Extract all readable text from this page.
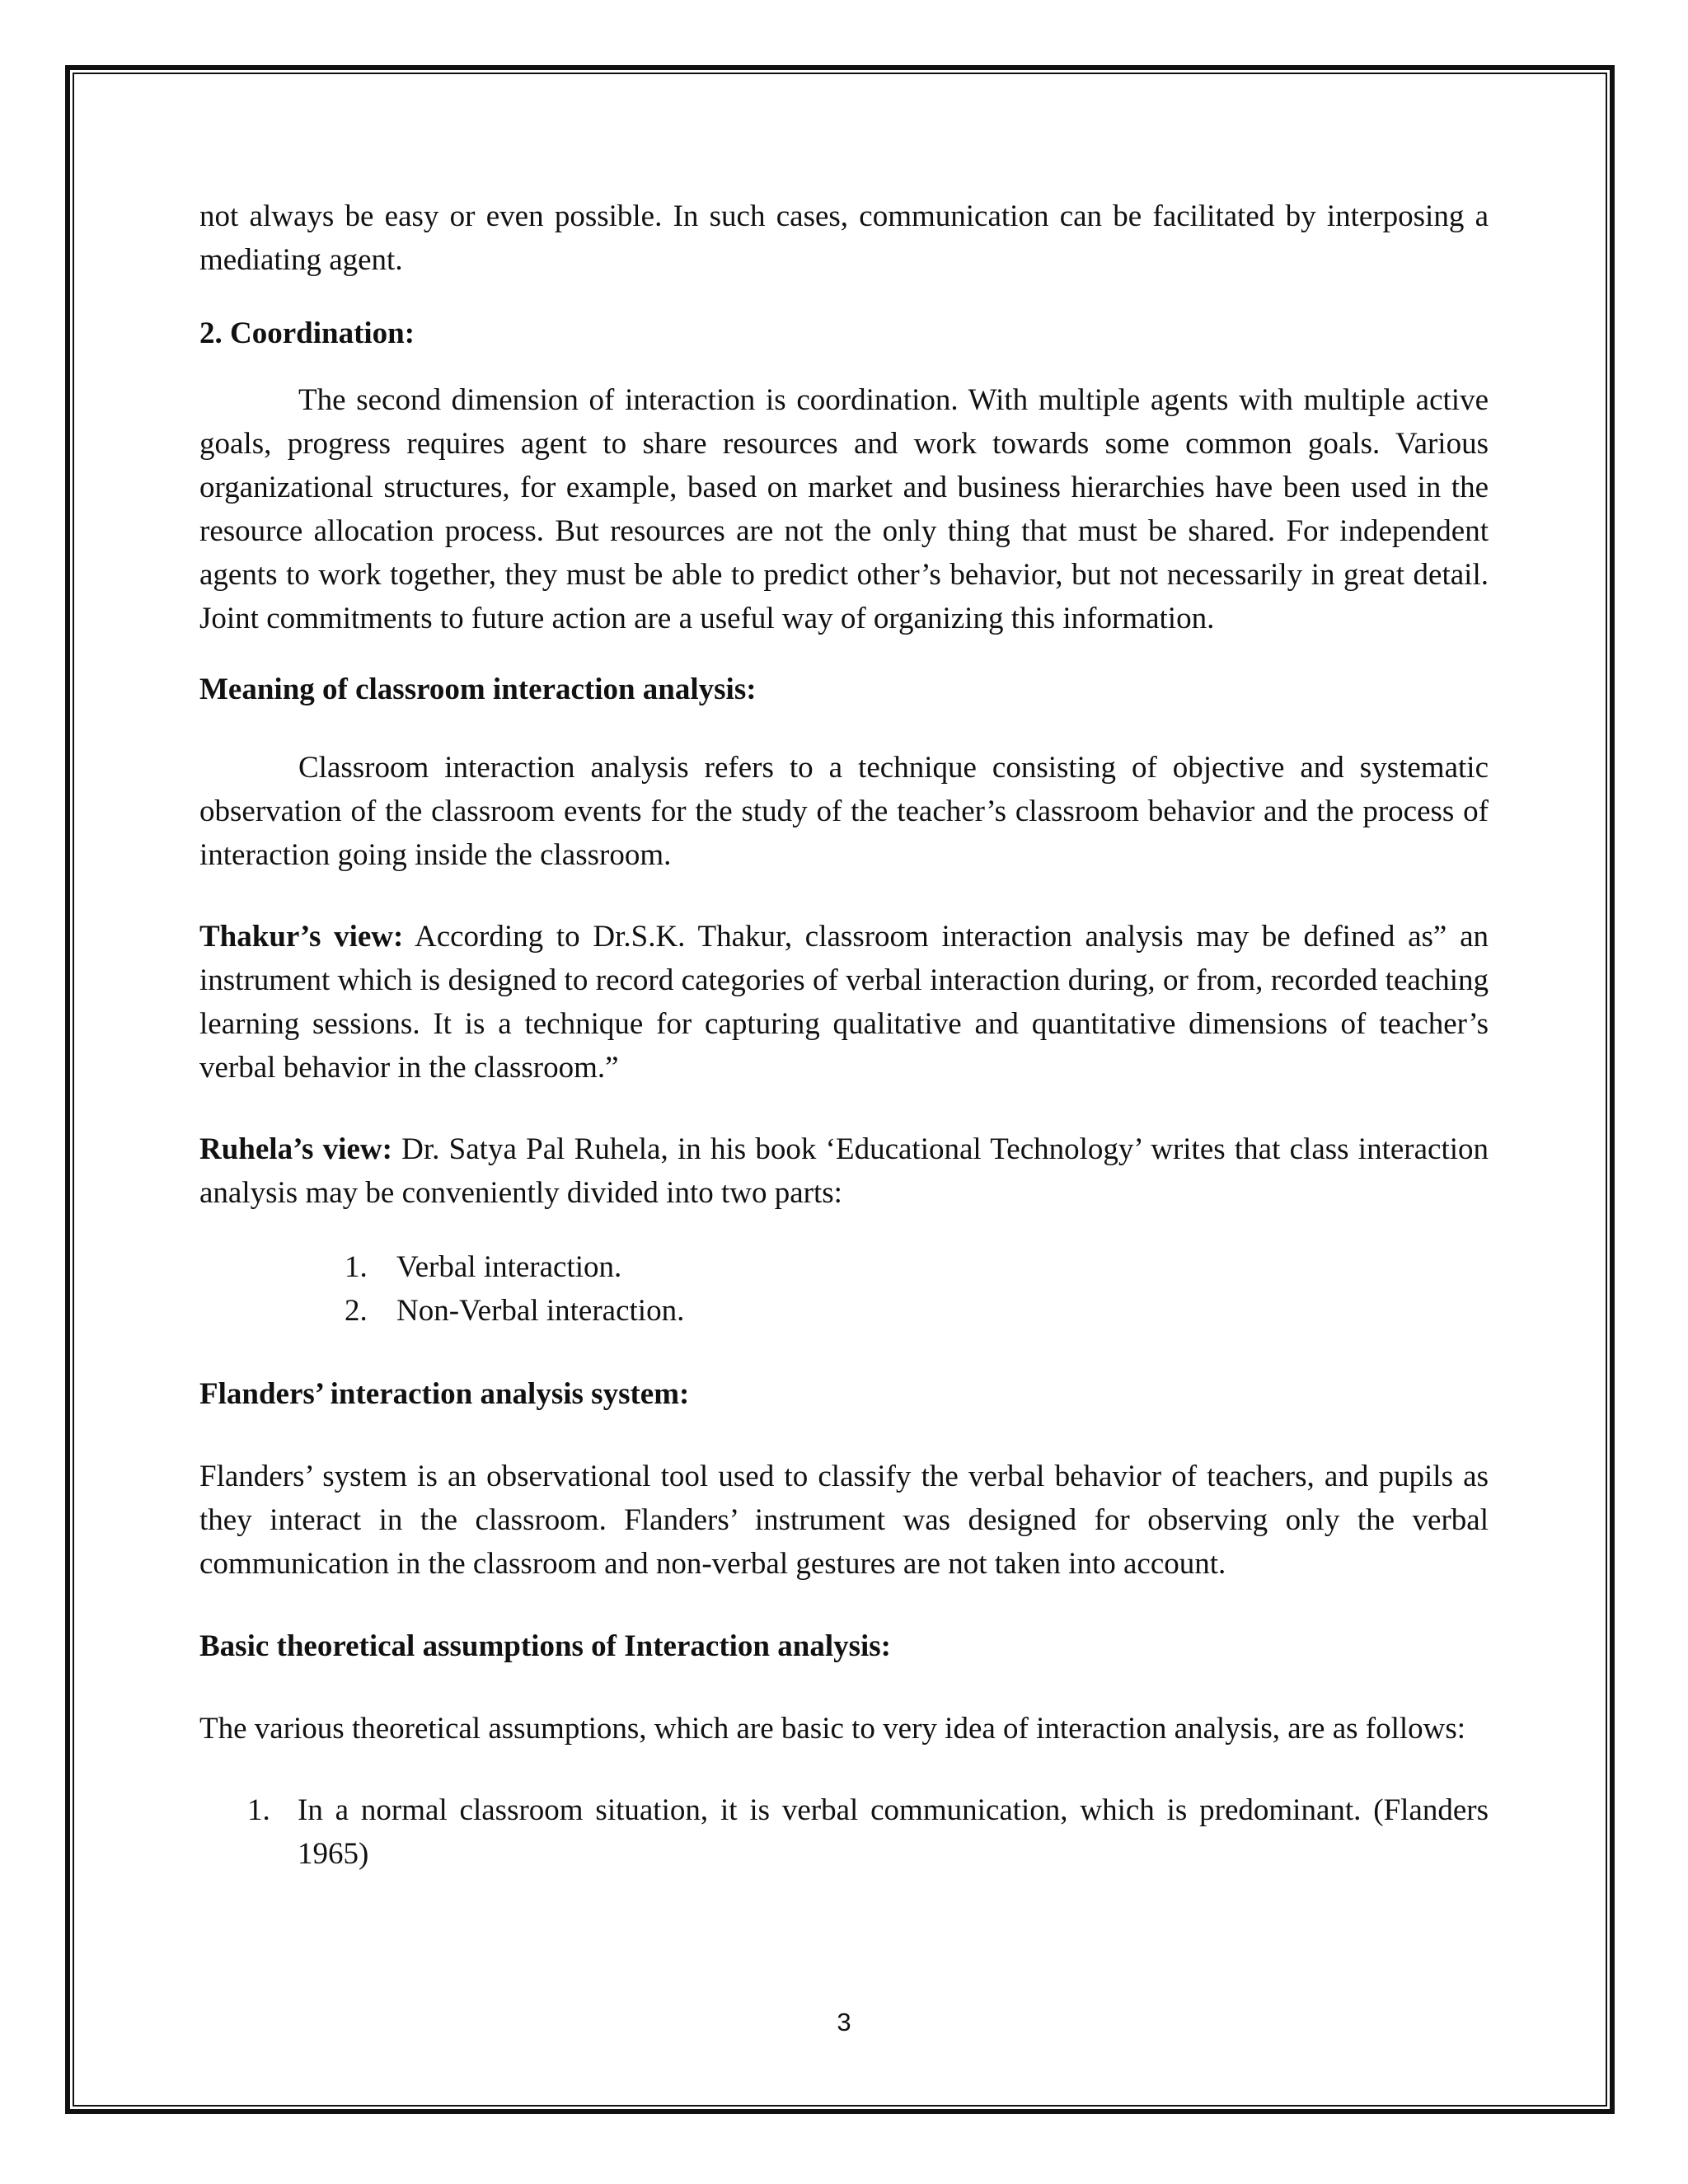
not always be easy or even possible. In such cases, communication can be facilitated by interposing a mediating agent.

2. Coordination:

The second dimension of interaction is coordination. With multiple agents with multiple active goals, progress requires agent to share resources and work towards some common goals. Various organizational structures, for example, based on market and business hierarchies have been used in the resource allocation process. But resources are not the only thing that must be shared. For independent agents to work together, they must be able to predict other’s behavior, but not necessarily in great detail. Joint commitments to future action are a useful way of organizing this information.

Meaning of classroom interaction analysis:

Classroom interaction analysis refers to a technique consisting of objective and systematic observation of the classroom events for the study of the teacher’s classroom behavior and the process of interaction going inside the classroom.

Thakur’s view: According to Dr.S.K. Thakur, classroom interaction analysis may be defined as” an instrument which is designed to record categories of verbal interaction during, or from, recorded teaching learning sessions. It is a technique for capturing qualitative and quantitative dimensions of teacher’s verbal behavior in the classroom.”

Ruhela’s view: Dr. Satya Pal Ruhela, in his book ‘Educational Technology’ writes that class interaction analysis may be conveniently divided into two parts:

1. Verbal interaction.
2. Non-Verbal interaction.

Flanders’ interaction analysis system:

Flanders’ system is an observational tool used to classify the verbal behavior of teachers, and pupils as they interact in the classroom. Flanders’ instrument was designed for observing only the verbal communication in the classroom and non-verbal gestures are not taken into account.

Basic theoretical assumptions of Interaction analysis:

The various theoretical assumptions, which are basic to very idea of interaction analysis, are as follows:

1. In a normal classroom situation, it is verbal communication, which is predominant. (Flanders 1965)
3
